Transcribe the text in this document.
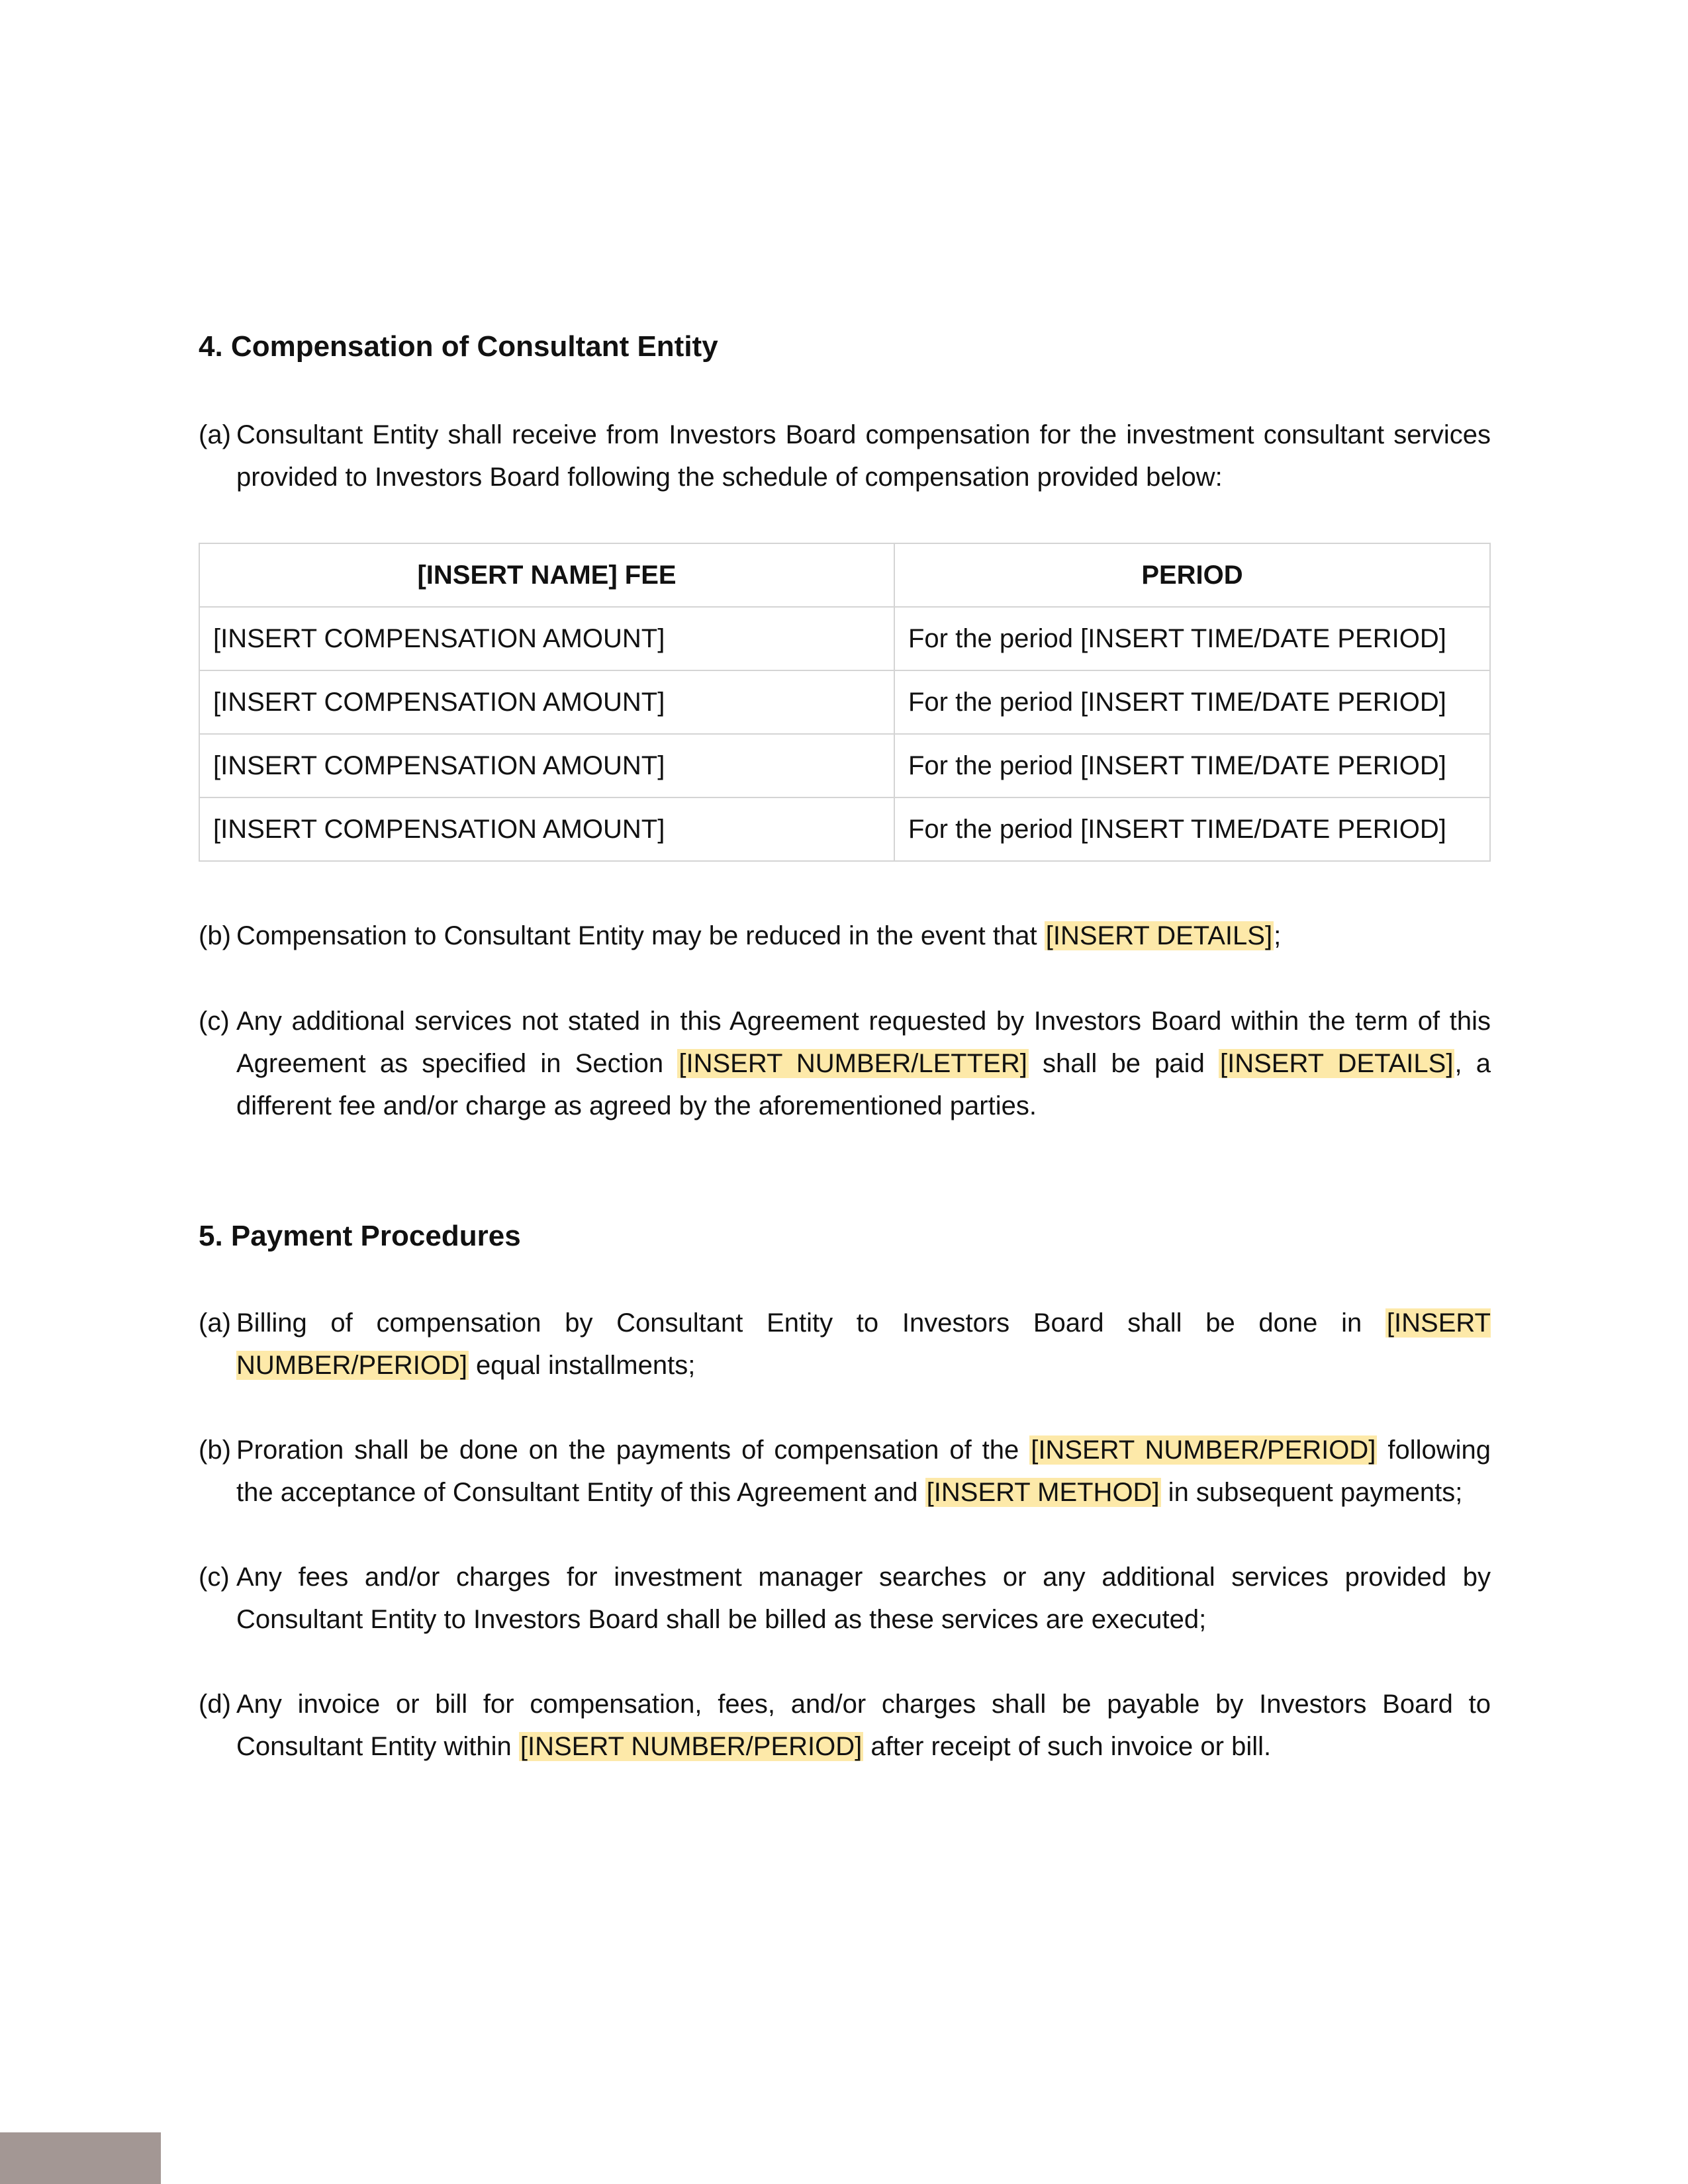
4. Compensation of Consultant Entity
(a) Consultant Entity shall receive from Investors Board compensation for the investment consultant services provided to Investors Board following the schedule of compensation provided below:
[INSERT NAME] FEE	PERIOD
[INSERT COMPENSATION AMOUNT]	For the period [INSERT TIME/DATE PERIOD]
[INSERT COMPENSATION AMOUNT]	For the period [INSERT TIME/DATE PERIOD]
[INSERT COMPENSATION AMOUNT]	For the period [INSERT TIME/DATE PERIOD]
[INSERT COMPENSATION AMOUNT]	For the period [INSERT TIME/DATE PERIOD]
(b) Compensation to Consultant Entity may be reduced in the event that [INSERT DETAILS];
(c) Any additional services not stated in this Agreement requested by Investors Board within the term of this Agreement as specified in Section [INSERT NUMBER/LETTER] shall be paid [INSERT DETAILS], a different fee and/or charge as agreed by the aforementioned parties.
5. Payment Procedures
(a) Billing of compensation by Consultant Entity to Investors Board shall be done in [INSERT NUMBER/PERIOD] equal installments;
(b) Proration shall be done on the payments of compensation of the [INSERT NUMBER/PERIOD] following the acceptance of Consultant Entity of this Agreement and [INSERT METHOD] in subsequent payments;
(c) Any fees and/or charges for investment manager searches or any additional services provided by Consultant Entity to Investors Board shall be billed as these services are executed;
(d) Any invoice or bill for compensation, fees, and/or charges shall be payable by Investors Board to Consultant Entity within [INSERT NUMBER/PERIOD] after receipt of such invoice or bill.
